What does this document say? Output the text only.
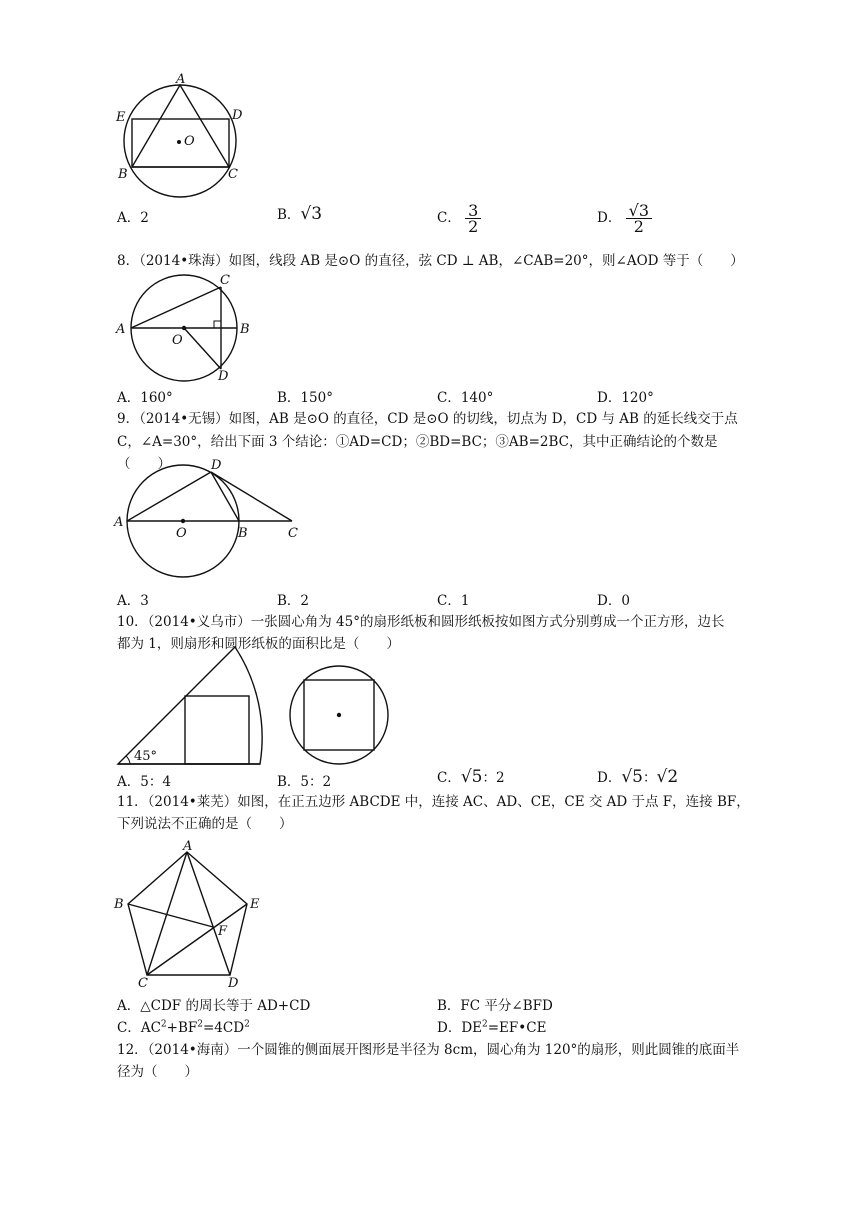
A
E	D
O
B	C
A．2	B．√3	C． $\frac{3}{2}$	D． $\frac{√3}{2}$
8．（2014•珠海）如图，线段 AB 是⊙O 的直径，弦 CD ⊥ AB，∠CAB=20°，则∠AOD 等于（　　）
A	B
C
D
O
A．160°	B．150°	C．140°	D．120°
9．（2014•无锡）如图，AB 是⊙O 的直径，CD 是⊙O 的切线，切点为 D，CD 与 AB 的延长线交于点
C，∠A=30°，给出下面 3 个结论：①AD=CD；②BD=BC；③AB=2BC，其中正确结论的个数是（　　）
A
D
O	B	C
A．3	B．2	C．1	D．0
10．（2014•义乌市）一张圆心角为 45°的扇形纸板和圆形纸板按如图方式分别剪成一个正方形，边长
都为 1，则扇形和圆形纸板的面积比是（　　）
45°
A．5：4	B．5：2	C．√5：2	D．√5：√2
11．（2014•莱芜）如图，在正五边形 ABCDE 中，连接 AC、AD、CE，CE 交 AD 于点 F，连接 BF，
下列说法不正确的是（　　）
A
B	E
F
C	D
A．△CDF 的周长等于 AD+CD	B．FC 平分∠BFD
C．$AC^2+BF^2=4CD^2$	D．$DE^2=EF•CE$
12．（2014•海南）一个圆锥的侧面展开图形是半径为 8cm，圆心角为 120°的扇形，则此圆锥的底面半
径为（　　）
